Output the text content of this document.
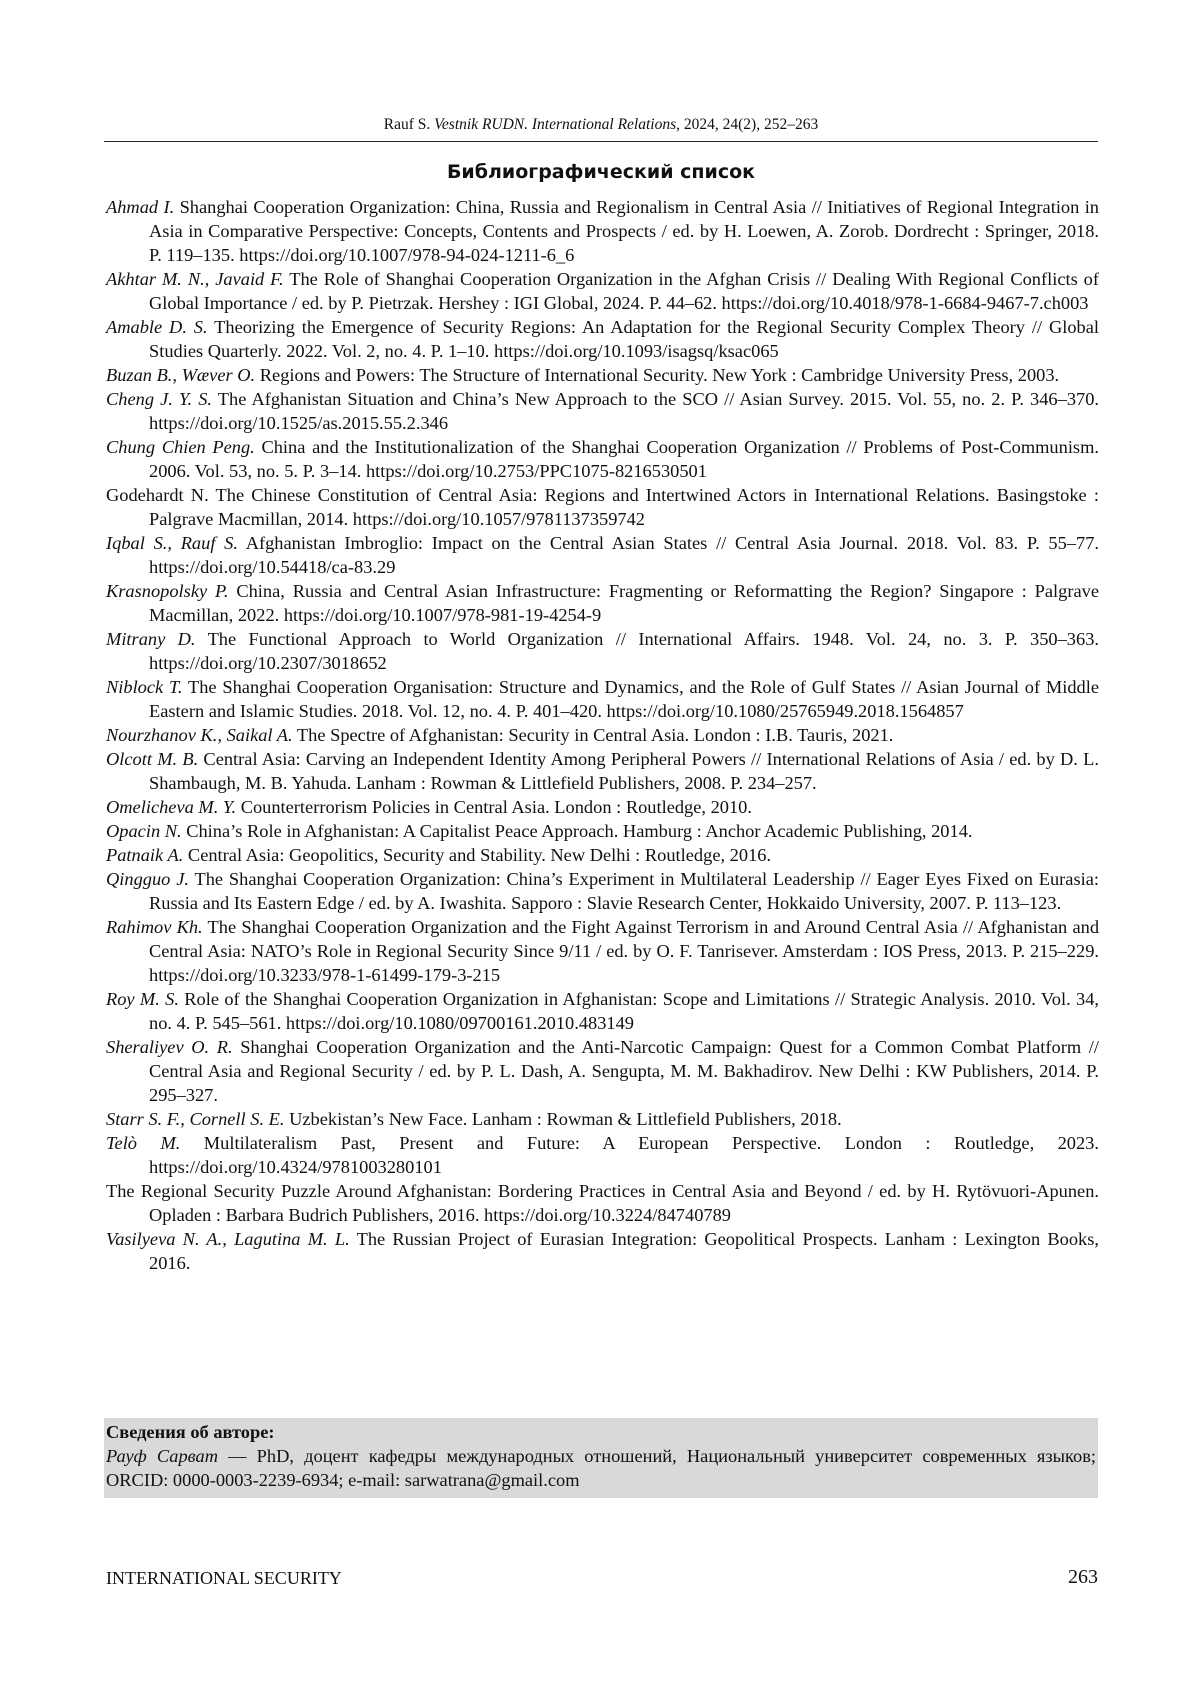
Rauf S. Vestnik RUDN. International Relations, 2024, 24(2), 252–263
Библиографический список
Ahmad I. Shanghai Cooperation Organization: China, Russia and Regionalism in Central Asia // Initiatives of Regional Integration in Asia in Comparative Perspective: Concepts, Contents and Prospects / ed. by H. Loewen, A. Zorob. Dordrecht : Springer, 2018. P. 119–135. https://doi.org/10.1007/978-94-024-1211-6_6
Akhtar M. N., Javaid F. The Role of Shanghai Cooperation Organization in the Afghan Crisis // Dealing With Regional Conflicts of Global Importance / ed. by P. Pietrzak. Hershey : IGI Global, 2024. P. 44–62. https://doi.org/10.4018/978-1-6684-9467-7.ch003
Amable D. S. Theorizing the Emergence of Security Regions: An Adaptation for the Regional Security Complex Theory // Global Studies Quarterly. 2022. Vol. 2, no. 4. P. 1–10. https://doi.org/10.1093/isagsq/ksac065
Buzan B., Wæver O. Regions and Powers: The Structure of International Security. New York : Cambridge University Press, 2003.
Cheng J. Y. S. The Afghanistan Situation and China’s New Approach to the SCO // Asian Survey. 2015. Vol. 55, no. 2. P. 346–370. https://doi.org/10.1525/as.2015.55.2.346
Chung Chien Peng. China and the Institutionalization of the Shanghai Cooperation Organization // Problems of Post-Communism. 2006. Vol. 53, no. 5. P. 3–14. https://doi.org/10.2753/PPC1075-8216530501
Godehardt N. The Chinese Constitution of Central Asia: Regions and Intertwined Actors in International Relations. Basingstoke : Palgrave Macmillan, 2014. https://doi.org/10.1057/9781137359742
Iqbal S., Rauf S. Afghanistan Imbroglio: Impact on the Central Asian States // Central Asia Journal. 2018. Vol. 83. P. 55–77. https://doi.org/10.54418/ca-83.29
Krasnopolsky P. China, Russia and Central Asian Infrastructure: Fragmenting or Reformatting the Region? Singapore : Palgrave Macmillan, 2022. https://doi.org/10.1007/978-981-19-4254-9
Mitrany D. The Functional Approach to World Organization // International Affairs. 1948. Vol. 24, no. 3. P. 350–363. https://doi.org/10.2307/3018652
Niblock T. The Shanghai Cooperation Organisation: Structure and Dynamics, and the Role of Gulf States // Asian Journal of Middle Eastern and Islamic Studies. 2018. Vol. 12, no. 4. P. 401–420. https://doi.org/10.1080/25765949.2018.1564857
Nourzhanov K., Saikal A. The Spectre of Afghanistan: Security in Central Asia. London : I.B. Tauris, 2021.
Olcott M. B. Central Asia: Carving an Independent Identity Among Peripheral Powers // International Relations of Asia / ed. by D. L. Shambaugh, M. B. Yahuda. Lanham : Rowman & Littlefield Publishers, 2008. P. 234–257.
Omelicheva M. Y. Counterterrorism Policies in Central Asia. London : Routledge, 2010.
Opacin N. China’s Role in Afghanistan: A Capitalist Peace Approach. Hamburg : Anchor Academic Publishing, 2014.
Patnaik A. Central Asia: Geopolitics, Security and Stability. New Delhi : Routledge, 2016.
Qingguo J. The Shanghai Cooperation Organization: China’s Experiment in Multilateral Leadership // Eager Eyes Fixed on Eurasia: Russia and Its Eastern Edge / ed. by A. Iwashita. Sapporo : Slavie Research Center, Hokkaido University, 2007. P. 113–123.
Rahimov Kh. The Shanghai Cooperation Organization and the Fight Against Terrorism in and Around Central Asia // Afghanistan and Central Asia: NATO’s Role in Regional Security Since 9/11 / ed. by O. F. Tanrisever. Amsterdam : IOS Press, 2013. P. 215–229. https://doi.org/10.3233/978-1-61499-179-3-215
Roy M. S. Role of the Shanghai Cooperation Organization in Afghanistan: Scope and Limitations // Strategic Analysis. 2010. Vol. 34, no. 4. P. 545–561. https://doi.org/10.1080/09700161.2010.483149
Sheraliyev O. R. Shanghai Cooperation Organization and the Anti-Narcotic Campaign: Quest for a Common Combat Platform // Central Asia and Regional Security / ed. by P. L. Dash, A. Sengupta, M. M. Bakhadirov. New Delhi : KW Publishers, 2014. P. 295–327.
Starr S. F., Cornell S. E. Uzbekistan’s New Face. Lanham : Rowman & Littlefield Publishers, 2018.
Telò M. Multilateralism Past, Present and Future: A European Perspective. London : Routledge, 2023. https://doi.org/10.4324/9781003280101
The Regional Security Puzzle Around Afghanistan: Bordering Practices in Central Asia and Beyond / ed. by H. Rytövuori-Apunen. Opladen : Barbara Budrich Publishers, 2016. https://doi.org/10.3224/84740789
Vasilyeva N. A., Lagutina M. L. The Russian Project of Eurasian Integration: Geopolitical Prospects. Lanham : Lexington Books, 2016.
Сведения об авторе:
Рауф Сарват — PhD, доцент кафедры международных отношений, Национальный университет современных языков; ORCID: 0000-0003-2239-6934; e-mail: sarwatrana@gmail.com
INTERNATIONAL SECURITY	263
